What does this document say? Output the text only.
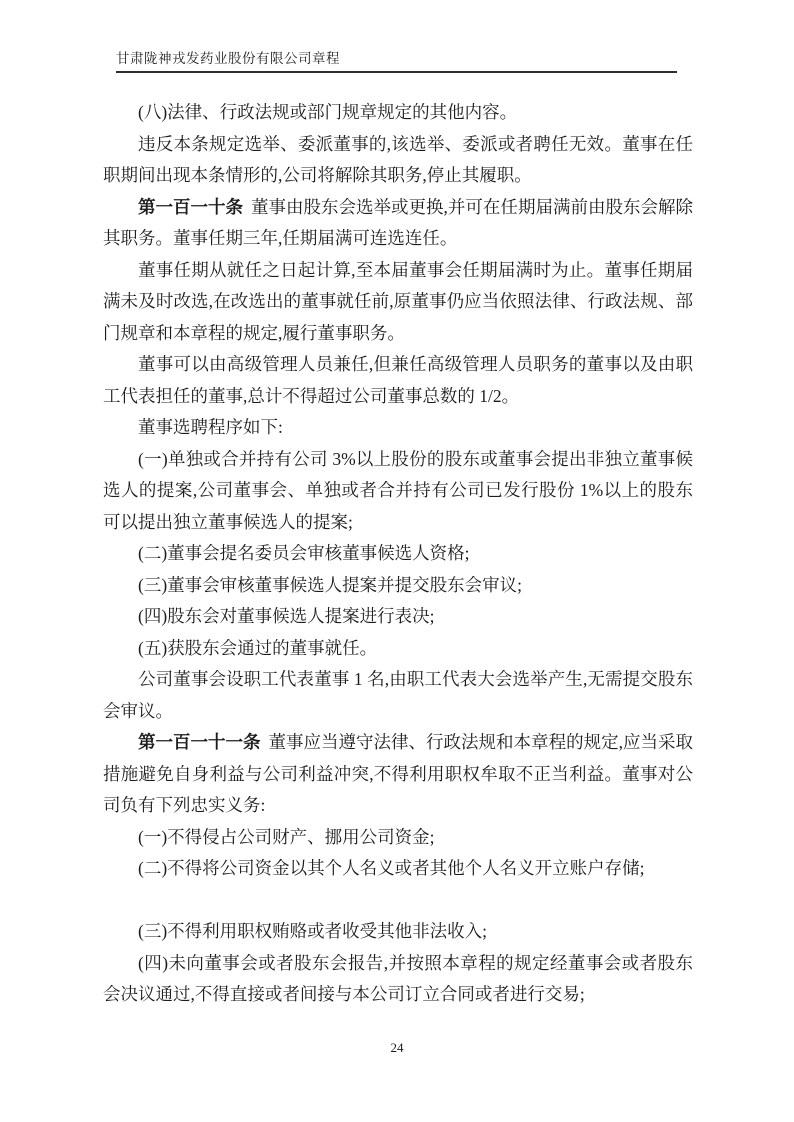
甘肃陇神戎发药业股份有限公司章程

(八)法律、行政法规或部门规章规定的其他内容。

违反本条规定选举、委派董事的,该选举、委派或者聘任无效。董事在任职期间出现本条情形的,公司将解除其职务,停止其履职。

第一百一十条 董事由股东会选举或更换,并可在任期届满前由股东会解除其职务。董事任期三年,任期届满可连选连任。

董事任期从就任之日起计算,至本届董事会任期届满时为止。董事任期届满未及时改选,在改选出的董事就任前,原董事仍应当依照法律、行政法规、部门规章和本章程的规定,履行董事职务。

董事可以由高级管理人员兼任,但兼任高级管理人员职务的董事以及由职工代表担任的董事,总计不得超过公司董事总数的 1/2。

董事选聘程序如下:

(一)单独或合并持有公司 3%以上股份的股东或董事会提出非独立董事候选人的提案,公司董事会、单独或者合并持有公司已发行股份 1%以上的股东可以提出独立董事候选人的提案;

(二)董事会提名委员会审核董事候选人资格;

(三)董事会审核董事候选人提案并提交股东会审议;

(四)股东会对董事候选人提案进行表决;

(五)获股东会通过的董事就任。

公司董事会设职工代表董事 1 名,由职工代表大会选举产生,无需提交股东会审议。

第一百一十一条 董事应当遵守法律、行政法规和本章程的规定,应当采取措施避免自身利益与公司利益冲突,不得利用职权牟取不正当利益。董事对公司负有下列忠实义务:

(一)不得侵占公司财产、挪用公司资金;

(二)不得将公司资金以其个人名义或者其他个人名义开立账户存储;

(三)不得利用职权贿赂或者收受其他非法收入;

(四)未向董事会或者股东会报告,并按照本章程的规定经董事会或者股东会决议通过,不得直接或者间接与本公司订立合同或者进行交易;

24
